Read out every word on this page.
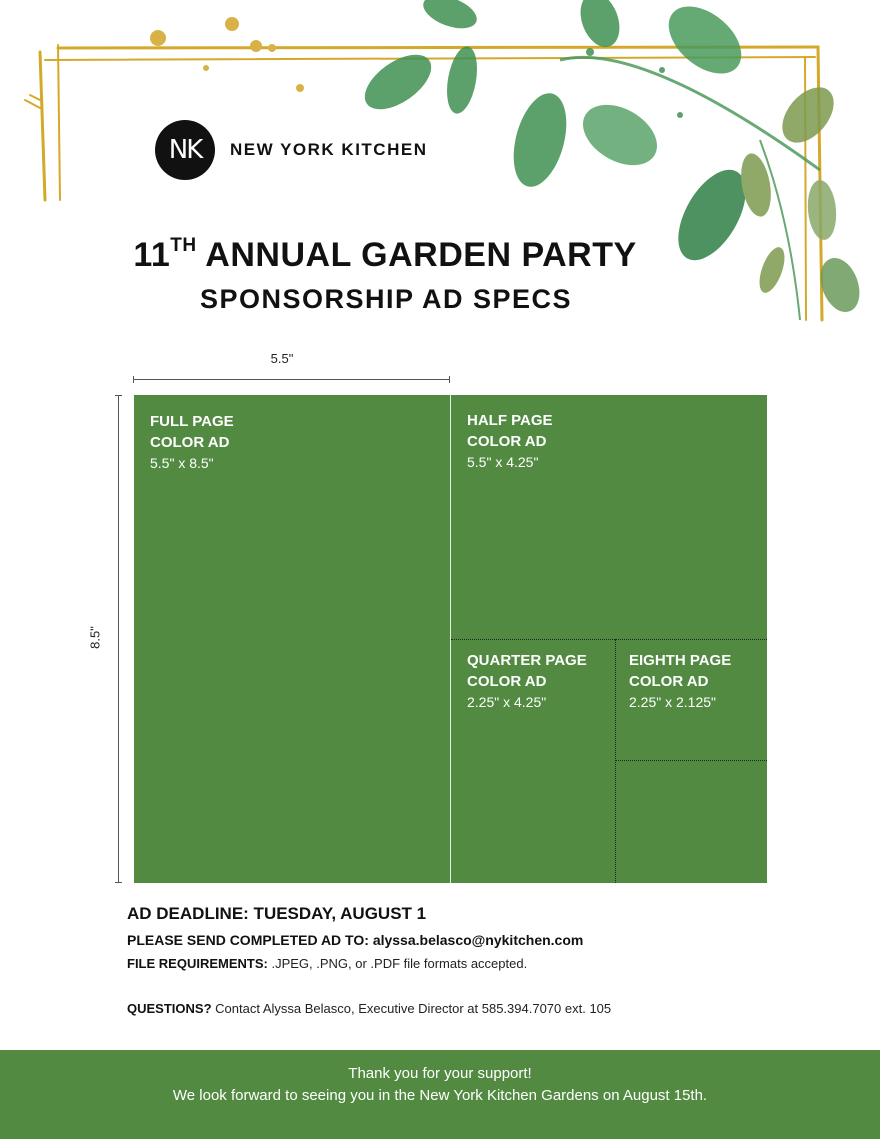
NK	NEW YORK KITCHEN
11TH ANNUAL GARDEN PARTY
SPONSORSHIP AD SPECS
5.5"
8.5"
FULL PAGE
COLOR AD
5.5" x 8.5"
HALF PAGE
COLOR AD
5.5" x 4.25"
QUARTER PAGE
COLOR AD
2.25" x 4.25"
EIGHTH PAGE
COLOR AD
2.25" x 2.125"
AD DEADLINE: TUESDAY, AUGUST 1
PLEASE SEND COMPLETED AD TO: alyssa.belasco@nykitchen.com
FILE REQUIREMENTS: .JPEG, .PNG, or .PDF file formats accepted.
QUESTIONS? Contact Alyssa Belasco, Executive Director at 585.394.7070 ext. 105
Thank you for your support!
We look forward to seeing you in the New York Kitchen Gardens on August 15th.
